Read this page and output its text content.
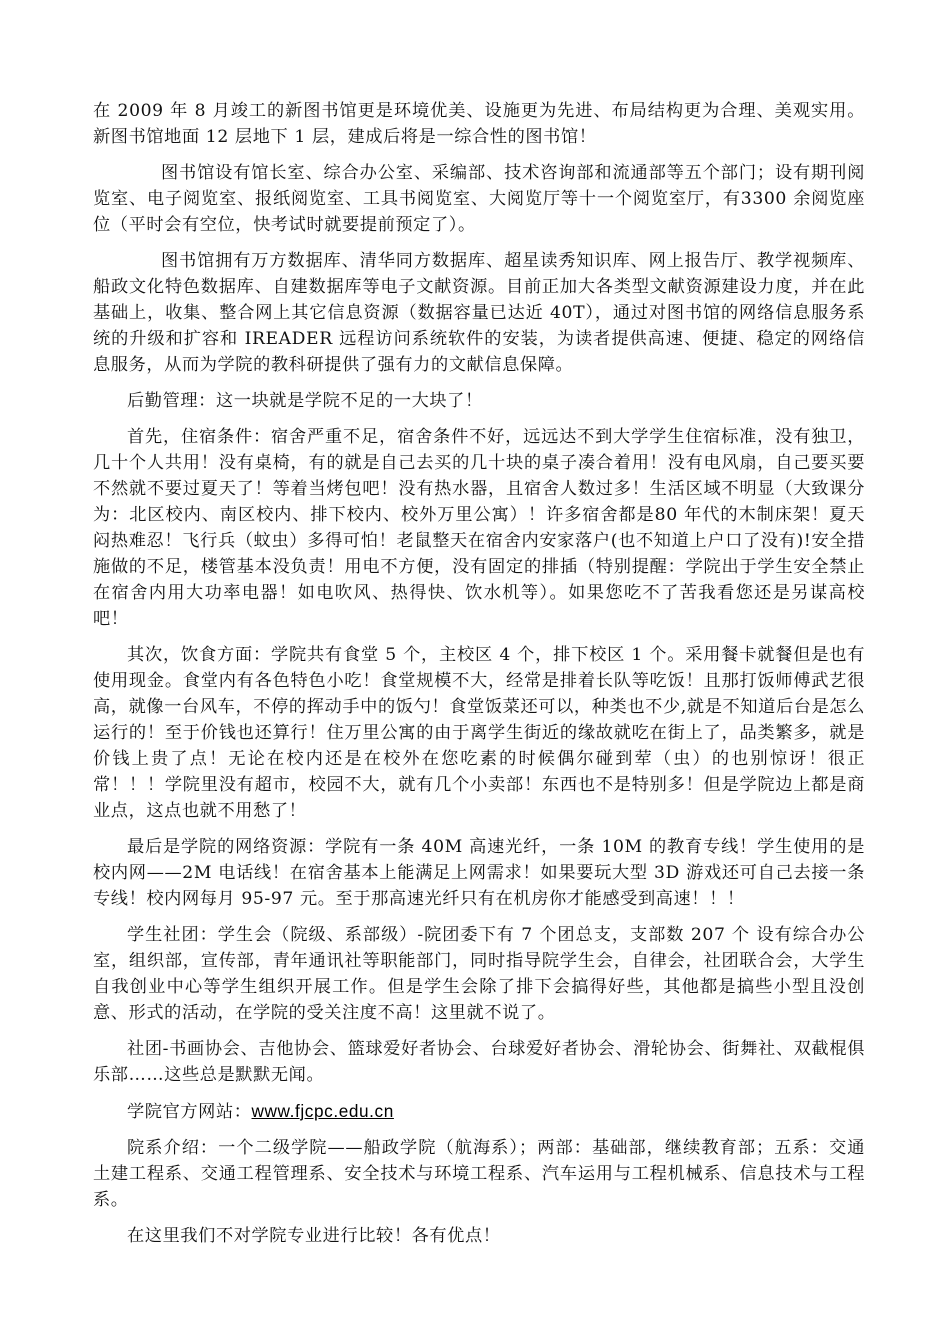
在 2009 年 8 月竣工的新图书馆更是环境优美、设施更为先进、布局结构更为合理、美观实用。新图书馆地面 12 层地下 1 层，建成后将是一综合性的图书馆！

图书馆设有馆长室、综合办公室、采编部、技术咨询部和流通部等五个部门；设有期刊阅览室、电子阅览室、报纸阅览室、工具书阅览室、大阅览厅等十一个阅览室厅，有3300 余阅览座位（平时会有空位，快考试时就要提前预定了）。

图书馆拥有万方数据库、清华同方数据库、超星读秀知识库、网上报告厅、教学视频库、船政文化特色数据库、自建数据库等电子文献资源。目前正加大各类型文献资源建设力度，并在此基础上，收集、整合网上其它信息资源（数据容量已达近 40T），通过对图书馆的网络信息服务系统的升级和扩容和 IREADER 远程访问系统软件的安装，为读者提供高速、便捷、稳定的网络信息服务，从而为学院的教科研提供了强有力的文献信息保障。

后勤管理：这一块就是学院不足的一大块了！

首先，住宿条件：宿舍严重不足，宿舍条件不好，远远达不到大学学生住宿标准，没有独卫，几十个人共用！没有桌椅，有的就是自己去买的几十块的桌子凑合着用！没有电风扇，自己要买要不然就不要过夏天了！等着当烤包吧！没有热水器，且宿舍人数过多！生活区域不明显（大致课分为：北区校内、南区校内、排下校内、校外万里公寓）！许多宿舍都是80 年代的木制床架！夏天闷热难忍！飞行兵（蚊虫）多得可怕！老鼠整天在宿舍内安家落户(也不知道上户口了没有)!安全措施做的不足，楼管基本没负责！用电不方便，没有固定的排插（特别提醒：学院出于学生安全禁止在宿舍内用大功率电器！如电吹风、热得快、饮水机等）。如果您吃不了苦我看您还是另谋高校吧！

其次，饮食方面：学院共有食堂 5 个，主校区 4 个，排下校区 1 个。采用餐卡就餐但是也有使用现金。食堂内有各色特色小吃！食堂规模不大，经常是排着长队等吃饭！且那打饭师傅武艺很高，就像一台风车，不停的挥动手中的饭勺！食堂饭菜还可以，种类也不少,就是不知道后台是怎么运行的！至于价钱也还算行！住万里公寓的由于离学生街近的缘故就吃在街上了，品类繁多，就是价钱上贵了点！无论在校内还是在校外在您吃素的时候偶尔碰到荤（虫）的也别惊讶！很正常！！！学院里没有超市，校园不大，就有几个小卖部！东西也不是特别多！但是学院边上都是商业点，这点也就不用愁了！

最后是学院的网络资源：学院有一条 40M 高速光纤，一条 10M 的教育专线！学生使用的是校内网——2M 电话线！在宿舍基本上能满足上网需求！如果要玩大型 3D 游戏还可自己去接一条专线！校内网每月 95-97 元。至于那高速光纤只有在机房你才能感受到高速！！！

学生社团：学生会（院级、系部级）-院团委下有 7 个团总支，支部数 207 个 设有综合办公室，组织部，宣传部，青年通讯社等职能部门，同时指导院学生会，自律会，社团联合会，大学生自我创业中心等学生组织开展工作。但是学生会除了排下会搞得好些，其他都是搞些小型且没创意、形式的活动，在学院的受关注度不高！这里就不说了。

社团-书画协会、吉他协会、篮球爱好者协会、台球爱好者协会、滑轮协会、街舞社、双截棍俱乐部……这些总是默默无闻。

学院官方网站：www.fjcpc.edu.cn

院系介绍：一个二级学院——船政学院（航海系）；两部：基础部，继续教育部；五系：交通土建工程系、交通工程管理系、安全技术与环境工程系、汽车运用与工程机械系、信息技术与工程系。

在这里我们不对学院专业进行比较！各有优点！
